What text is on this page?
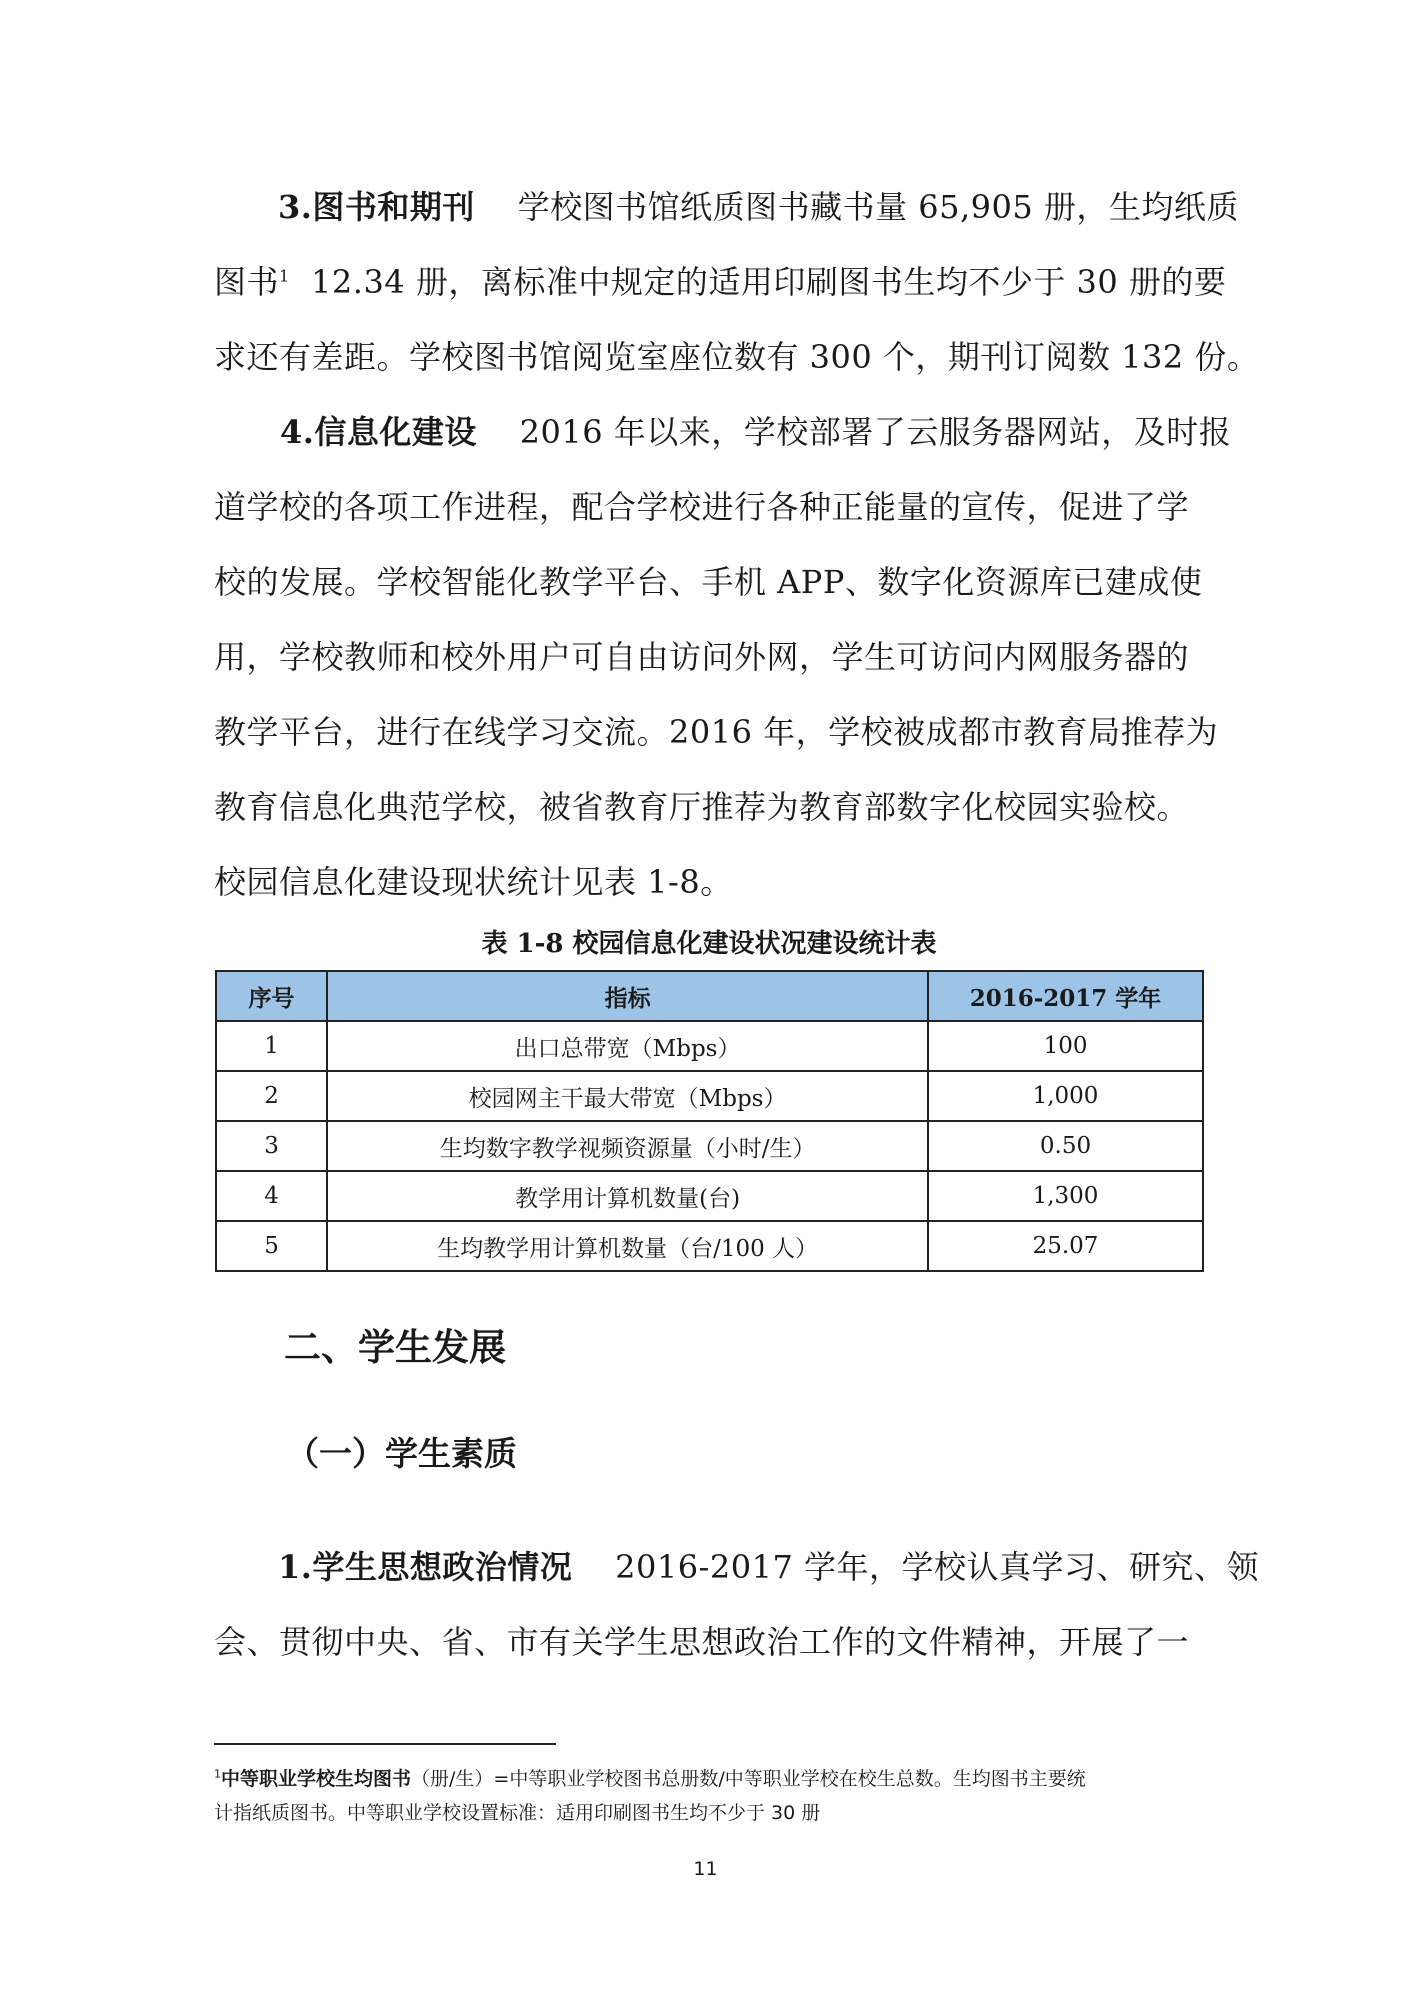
3.图书和期刊 学校图书馆纸质图书藏书量 65,905 册，生均纸质
图书$^1$ 12.34 册，离标准中规定的适用印刷图书生均不少于 30 册的要
求还有差距。学校图书馆阅览室座位数有 300 个，期刊订阅数 132 份。
4.信息化建设 2016 年以来，学校部署了云服务器网站，及时报
道学校的各项工作进程，配合学校进行各种正能量的宣传，促进了学
校的发展。学校智能化教学平台、手机 APP、数字化资源库已建成使
用，学校教师和校外用户可自由访问外网，学生可访问内网服务器的
教学平台，进行在线学习交流。2016 年，学校被成都市教育局推荐为
教育信息化典范学校，被省教育厅推荐为教育部数字化校园实验校。
校园信息化建设现状统计见表 1-8。
表 1-8 校园信息化建设状况建设统计表
序号	指标	2016-2017 学年
1	出口总带宽（Mbps）	100
2	校园网主干最大带宽（Mbps）	1,000
3	生均数字教学视频资源量（小时/生）	0.50
4	教学用计算机数量(台)	1,300
5	生均教学用计算机数量（台/100 人）	25.07
二、学生发展
（一）学生素质
1.学生思想政治情况 2016-2017 学年，学校认真学习、研究、领
会、贯彻中央、省、市有关学生思想政治工作的文件精神，开展了一
$^1$中等职业学校生均图书（册/生）=中等职业学校图书总册数/中等职业学校在校生总数。生均图书主要统
计指纸质图书。中等职业学校设置标准：适用印刷图书生均不少于 30 册
11
